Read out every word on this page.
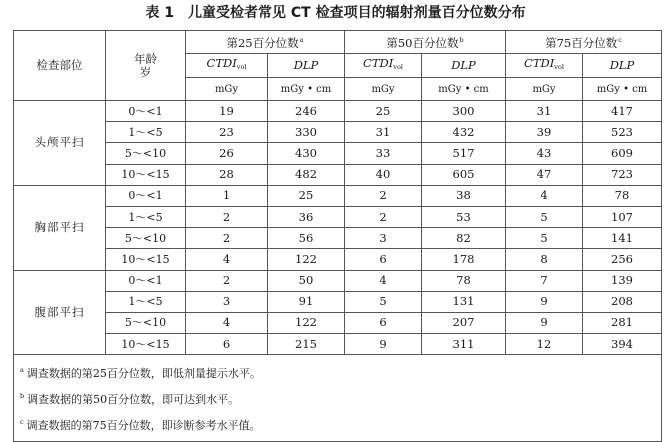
表 1 儿童受检者常见 CT 检查项目的辐射剂量百分位数分布
检查部位	年龄
岁	第25百分位数$^a$		第50百分位数$^b$		第75百分位数$^c$
		$CTDI_{vol}$	DLP	$CTDI_{vol}$	DLP	$CTDI_{vol}$	DLP
		mGy	mGy • cm	mGy	mGy • cm	mGy	mGy • cm
头颅平扫	0～<1	19	246	25	300	31	417
	1～<5	23	330	31	432	39	523
	5～<10	26	430	33	517	43	609
	10～<15	28	482	40	605	47	723
胸部平扫	0～<1	1	25	2	38	4	78
	1～<5	2	36	2	53	5	107
	5～<10	2	56	3	82	5	141
	10～<15	4	122	6	178	8	256
腹部平扫	0～<1	2	50	4	78	7	139
	1～<5	3	91	5	131	9	208
	5～<10	4	122	6	207	9	281
	10～<15	6	215	9	311	12	394

$^a$ 调查数据的第25百分位数，即低剂量提示水平。
$^b$ 调查数据的第50百分位数，即可达到水平。
$^c$ 调查数据的第75百分位数，即诊断参考水平值。							
